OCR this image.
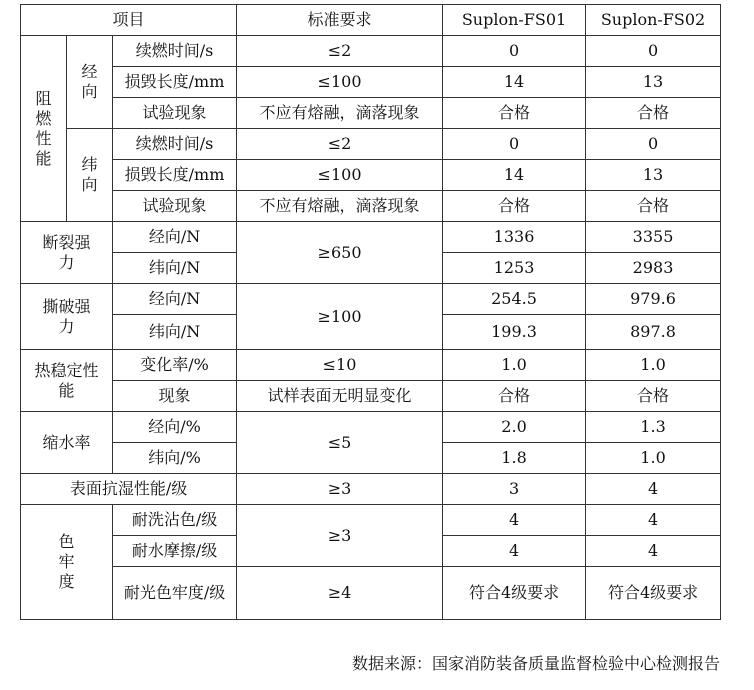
项目			标准要求	Suplon-FS01	Suplon-FS02
阻燃性能	经向	续燃时间/s	≤2	0	0
		损毁长度/mm	≤100	14	13
		试验现象	不应有熔融，滴落现象	合格	合格
	纬向	续燃时间/s	≤2	0	0
		损毁长度/mm	≤100	14	13
		试验现象	不应有熔融，滴落现象	合格	合格
断裂强力		经向/N	≥650	1336	3355
		纬向/N		1253	2983
撕破强力		经向/N	≥100	254.5	979.6
		纬向/N		199.3	897.8
热稳定性能		变化率/%	≤10	1.0	1.0
		现象	试样表面无明显变化	合格	合格
缩水率		经向/%	≤5	2.0	1.3
		纬向/%		1.8	1.0
表面抗湿性能/级			≥3	3	4
色牢度		耐洗沾色/级	≥3	4	4
		耐水摩擦/级		4	4
		耐光色牢度/级	≥4	符合4级要求	符合4级要求
数据来源：国家消防装备质量监督检验中心检测报告
